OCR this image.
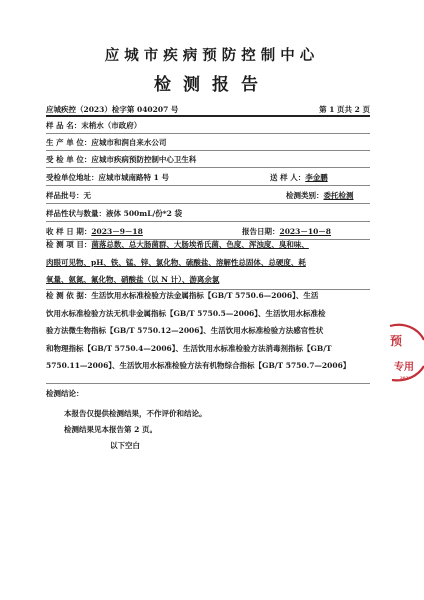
应城市疾病预防控制中心
检测报告
应城疾控（2023）检字第 040207 号	第 1 页共 2 页
样 品 名：末梢水（市政府）
生 产 单 位：应城市和润自来水公司
受 检 单 位：应城市疾病预防控制中心卫生科
受检单位地址：应城市城南路特 1 号	送 样 人：李金鹏
样品批号：无	检测类别：委托检测
样品性状与数量：液体 500mL/份*2 袋
收 样 日 期：2023－9－18	报告日期：2023－10－8
检 测 项 目：菌落总数、总大肠菌群、大肠埃希氏菌、色度、浑浊度、臭和味、
肉眼可见物、pH、铁、锰、锌、氯化物、硫酸盐、溶解性总固体、总硬度、耗
氧量、氨氮、氟化物、硝酸盐（以 N 计）、游离余氯
检 测 依 据：生活饮用水标准检验方法金属指标【GB/T 5750.6—2006】、生活
饮用水标准检验方法无机非金属指标【GB/T 5750.5—2006】、生活饮用水标准检
验方法微生物指标【GB/T 5750.12—2006】、生活饮用水标准检验方法感官性状
和物理指标【GB/T 5750.4—2006】、生活饮用水标准检验方法消毒剂指标【GB/T
5750.11—2006】、生活饮用水标准检验方法有机物综合指标【GB/T 5750.7—2006】
检测结论：
本报告仅提供检测结果，不作评价和结论。
检测结果见本报告第 2 页。
以下空白
预
专用
2023
